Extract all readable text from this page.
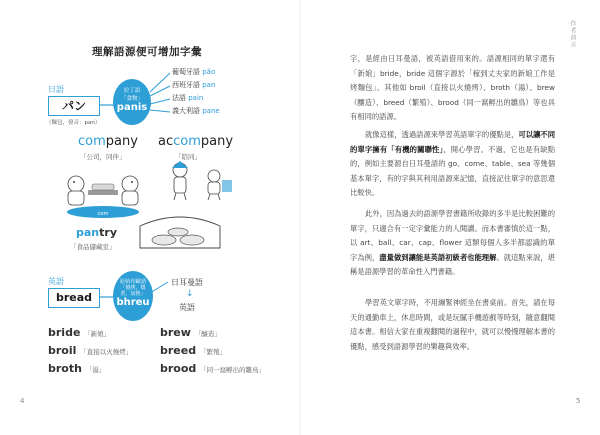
理解語源便可增加字彙
日語
パン
（麵包，發音：pan）
拉丁語
「食物」
panis
葡萄牙語 pão
西班牙語 pan
法語 pain
義大利語 pane
company
「公司，同伴」
accompany
「陪同」
com
pantry
「食品儲藏室」
英語
bread
原始印歐語
「燒烤，燉煮，加熱」
bhreu
日耳曼語
↓
英語
bride 「新娘」	brew 「釀造」
broil 「直接以火燒烤」	breed 「繁殖」
broth 「湯」	brood 「同一窩孵出的雛鳥」
4
作者前言

字，是經由日耳曼語，被英語借用來的。語源相同的單字還有「新娘」bride，bride 這個字源於「稼到丈夫家的新娘工作是烤麵包」。其他如 broil（直接以火燒烤）、broth（湯）、brew（釀造）、breed（繁殖）、brood（同一窩孵出的雛鳥）等也具有相同的語源。

就像這樣，透過語源來學習英語單字的優點是，可以讓不同的單字擁有「有機的關聯性」，開心學習。不過，它也是有缺點的，例如主要源自日耳曼語的 go、come、table、sea 等幾個基本單字，有的字與其利用語源來記憶，直接記住單字的意思還比較快。

此外，因為過去的語源學習書籍所收錄的多半是比較困難的單字，只適合有一定字彙能力的人閱讀。而本書審慎於這一點，以 art、ball、car、cap、flower 這類每個人多半都認識的單字為例，盡量做到讓能是英語初級者也能理解。就這點來說，堪稱是語源學習的革命性入門書籍。

學習英文單字時，不用繃緊神經坐在書桌前。首先，請在每天的通勤車上，休息時間，或是玩膩手機遊戲等時刻，隨意翻閱這本書。相信大家在重複翻閱的過程中，就可以慢慢理解本書的優點，感受到語源學習的樂趣與效率。

5
